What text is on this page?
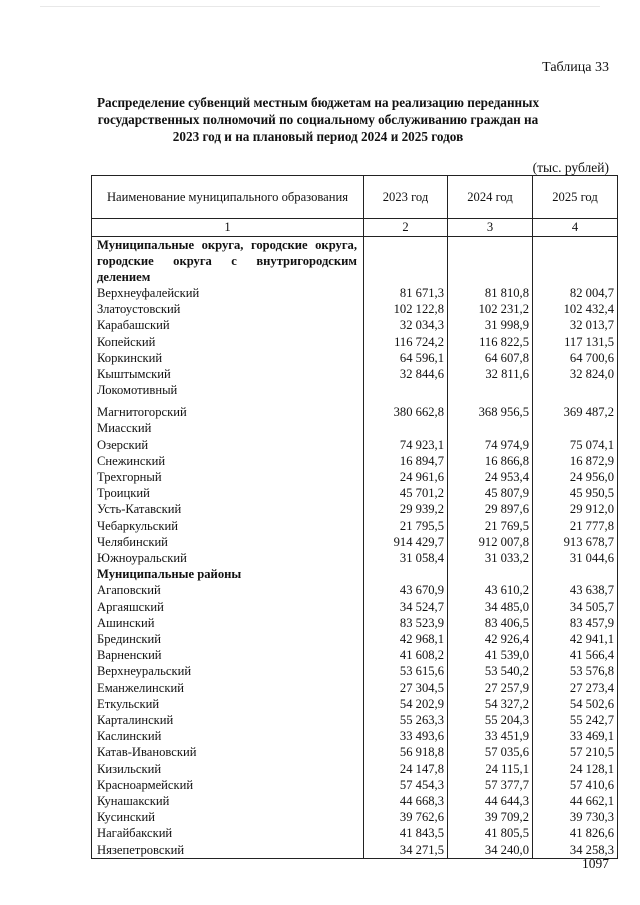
Таблица 33
Распределение субвенций местным бюджетам на реализацию переданных государственных полномочий по социальному обслуживанию граждан на 2023 год и на плановый период 2024 и 2025 годов
(тыс. рублей)
Наименование муниципального образования	2023 год	2024 год	2025 год
1	2	3	4
Муниципальные округа, городские округа, городские округа с внутригородским делением			
Верхнеуфалейский	81 671,3	81 810,8	82 004,7
Златоустовский	102 122,8	102 231,2	102 432,4
Карабашский	32 034,3	31 998,9	32 013,7
Копейский	116 724,2	116 822,5	117 131,5
Коркинский	64 596,1	64 607,8	64 700,6
Кыштымский	32 844,6	32 811,6	32 824,0
Локомотивный			
Магнитогорский	380 662,8	368 956,5	369 487,2
Миасский			
Озерский	74 923,1	74 974,9	75 074,1
Снежинский	16 894,7	16 866,8	16 872,9
Трехгорный	24 961,6	24 953,4	24 956,0
Троицкий	45 701,2	45 807,9	45 950,5
Усть-Катавский	29 939,2	29 897,6	29 912,0
Чебаркульский	21 795,5	21 769,5	21 777,8
Челябинский	914 429,7	912 007,8	913 678,7
Южноуральский	31 058,4	31 033,2	31 044,6
Муниципальные районы			
Агаповский	43 670,9	43 610,2	43 638,7
Аргаяшский	34 524,7	34 485,0	34 505,7
Ашинский	83 523,9	83 406,5	83 457,9
Брединский	42 968,1	42 926,4	42 941,1
Варненский	41 608,2	41 539,0	41 566,4
Верхнеуральский	53 615,6	53 540,2	53 576,8
Еманжелинский	27 304,5	27 257,9	27 273,4
Еткульский	54 202,9	54 327,2	54 502,6
Карталинский	55 263,3	55 204,3	55 242,7
Каслинский	33 493,6	33 451,9	33 469,1
Катав-Ивановский	56 918,8	57 035,6	57 210,5
Кизильский	24 147,8	24 115,1	24 128,1
Красноармейский	57 454,3	57 377,7	57 410,6
Кунашакский	44 668,3	44 644,3	44 662,1
Кусинский	39 762,6	39 709,2	39 730,3
Нагайбакский	41 843,5	41 805,5	41 826,6
Нязепетровский	34 271,5	34 240,0	34 258,3
1097
